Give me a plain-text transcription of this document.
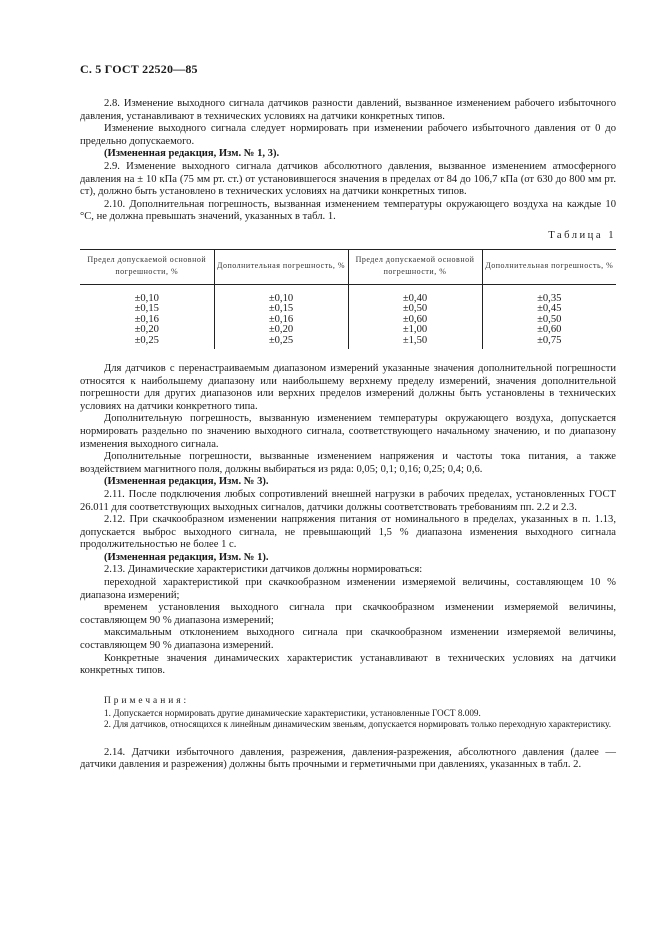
С. 5 ГОСТ 22520—85

2.8. Изменение выходного сигнала датчиков разности давлений, вызванное изменением рабочего избыточного давления, устанавливают в технических условиях на датчики конкретных типов.

Изменение выходного сигнала следует нормировать при изменении рабочего избыточного давления от 0 до предельно допускаемого.

(Измененная редакция, Изм. № 1, 3).

2.9. Изменение выходного сигнала датчиков абсолютного давления, вызванное изменением атмосферного давления на ± 10 кПа (75 мм рт. ст.) от установившегося значения в пределах от 84 до 106,7 кПа (от 630 до 800 мм рт. ст), должно быть установлено в технических условиях на датчики конкретных типов.

2.10. Дополнительная погрешность, вызванная изменением температуры окружающего воздуха на каждые 10 °С, не должна превышать значений, указанных в табл. 1.

Таблица 1
Предел допускаемой основной погрешности, %	Дополнительная погрешность, %	Предел допускаемой основной погрешности, %	Дополнительная погрешность, %
±0,10	±0,10	±0,40	±0,35
±0,15	±0,15	±0,50	±0,45
±0,16	±0,16	±0,60	±0,50
±0,20	±0,20	±1,00	±0,60
±0,25	±0,25	±1,50	±0,75

Для датчиков с перенастраиваемым диапазоном измерений указанные значения дополнительной погрешности относятся к наибольшему диапазону или наибольшему верхнему пределу измерений, значения дополнительной погрешности для других диапазонов или верхних пределов измерений должны быть установлены в технических условиях на датчики конкретного типа.

Дополнительную погрешность, вызванную изменением температуры окружающего воздуха, допускается нормировать раздельно по значению выходного сигнала, соответствующего начальному значению, и по диапазону изменения выходного сигнала.

Дополнительные погрешности, вызванные изменением напряжения и частоты тока питания, а также воздействием магнитного поля, должны выбираться из ряда: 0,05; 0,1; 0,16; 0,25; 0,4; 0,6.

(Измененная редакция, Изм. № 3).

2.11. После подключения любых сопротивлений внешней нагрузки в рабочих пределах, установленных ГОСТ 26.011 для соответствующих выходных сигналов, датчики должны соответствовать требованиям пп. 2.2 и 2.3.

2.12. При скачкообразном изменении напряжения питания от номинального в пределах, указанных в п. 1.13, допускается выброс выходного сигнала, не превышающий 1,5 % диапазона изменения выходного сигнала продолжительностью не более 1 с.

(Измененная редакция, Изм. № 1).

2.13. Динамические характеристики датчиков должны нормироваться:

переходной характеристикой при скачкообразном изменении измеряемой величины, составляющем 10 % диапазона измерений;

временем установления выходного сигнала при скачкообразном изменении измеряемой величины, составляющем 90 % диапазона измерений;

максимальным отклонением выходного сигнала при скачкообразном изменении измеряемой величины, составляющем 90 % диапазона измерений.

Конкретные значения динамических характеристик устанавливают в технических условиях на датчики конкретных типов.

Примечания:

1. Допускается нормировать другие динамические характеристики, установленные ГОСТ 8.009.

2. Для датчиков, относящихся к линейным динамическим звеньям, допускается нормировать только переходную характеристику.

2.14. Датчики избыточного давления, разрежения, давления-разрежения, абсолютного давления (далее — датчики давления и разрежения) должны быть прочными и герметичными при давлениях, указанных в табл. 2.
